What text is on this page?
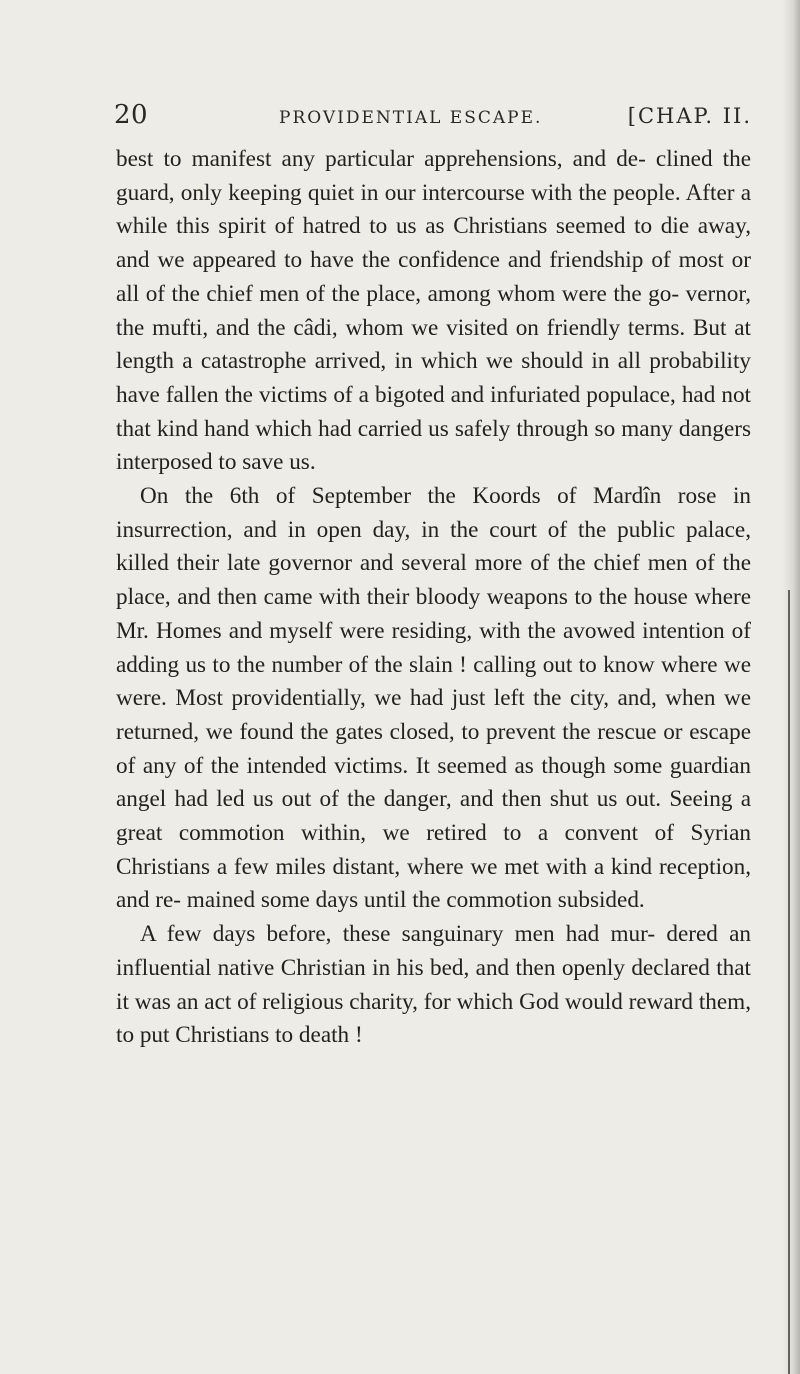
20	PROVIDENTIAL ESCAPE.	[CHAP. II.

best to manifest any particular apprehensions, and de- clined the guard, only keeping quiet in our intercourse with the people. After a while this spirit of hatred to us as Christians seemed to die away, and we appeared to have the confidence and friendship of most or all of the chief men of the place, among whom were the go- vernor, the mufti, and the câdi, whom we visited on friendly terms. But at length a catastrophe arrived, in which we should in all probability have fallen the victims of a bigoted and infuriated populace, had not that kind hand which had carried us safely through so many dangers interposed to save us.

On the 6th of September the Koords of Mardîn rose in insurrection, and in open day, in the court of the public palace, killed their late governor and several more of the chief men of the place, and then came with their bloody weapons to the house where Mr. Homes and myself were residing, with the avowed intention of adding us to the number of the slain ! calling out to know where we were. Most providentially, we had just left the city, and, when we returned, we found the gates closed, to prevent the rescue or escape of any of the intended victims. It seemed as though some guardian angel had led us out of the danger, and then shut us out. Seeing a great commotion within, we retired to a convent of Syrian Christians a few miles distant, where we met with a kind reception, and re- mained some days until the commotion subsided.

A few days before, these sanguinary men had mur- dered an influential native Christian in his bed, and then openly declared that it was an act of religious charity, for which God would reward them, to put Christians to death !
